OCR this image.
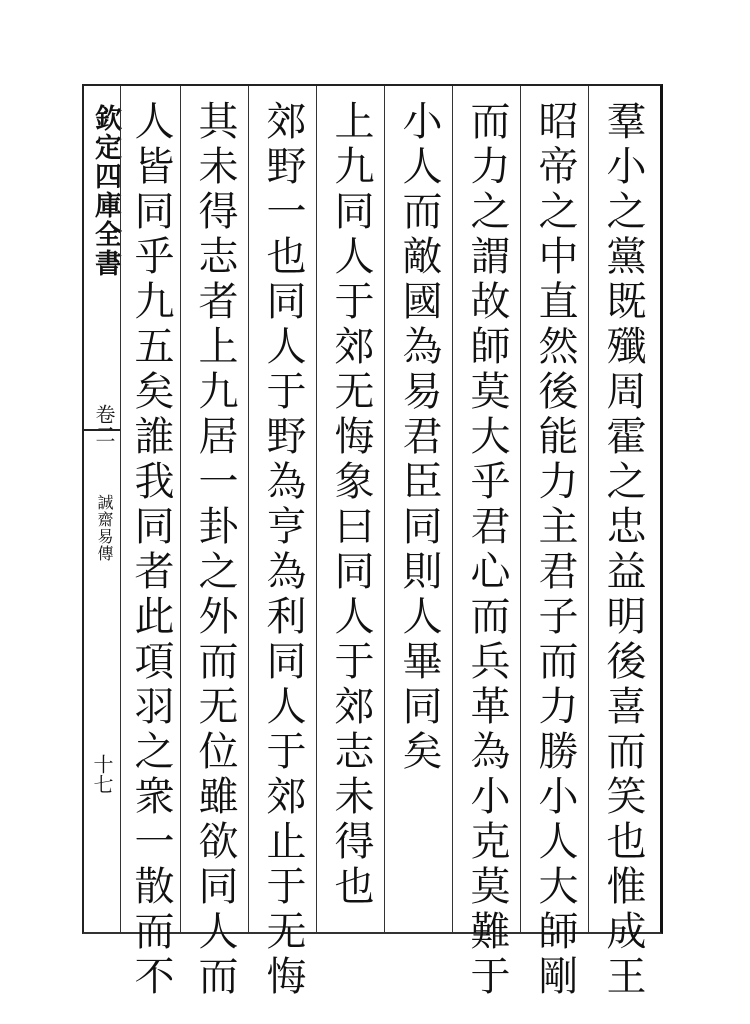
欽定四庫全書
卷二
誠齋易傳
十七	羣小之黨既殲周霍之忠益明後喜而笑也惟成王
昭帝之中直然後能力主君子而力勝小人大師剛
而力之謂故師莫大乎君心而兵革為小克莫難于
小人而敵國為易君臣同則人畢同矣
上九同人于郊无悔象曰同人于郊志未得也
郊野一也同人于野為亨為利同人于郊止于无悔
其未得志者上九居一卦之外而无位雖欲同人而
人皆同乎九五矣誰我同者此項羽之衆一散而不
